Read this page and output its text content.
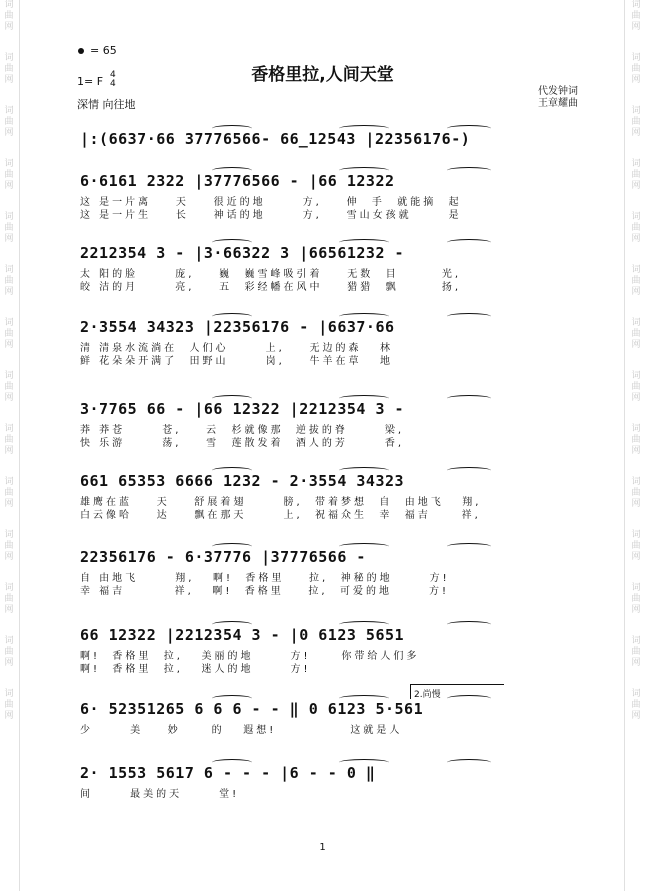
词
曲
网
词
曲
网
词
曲
网
词
曲
网
词
曲
网
词
曲
网
词
曲
网
词
曲
网
词
曲
网
词
曲
网
词
曲
网
词
曲
网
词
曲
网
词
曲
网
词
曲
网
词
曲
网
词
曲
网
词
曲
网
词
曲
网
词
曲
网
词
曲
网
词
曲
网
词
曲
网
词
曲
网
词
曲
网
词
曲
网
词
曲
网
词
曲
网
= 65
香格里拉,人间天堂
1= F 4
4
深情 向往地
代发钟词
王章耀曲
|:(6637·66 37776566- 66̲12543 |22356176-)
6·6161 2322 |37776566 - |66 12322
这 是一片离    天    很近的地      方,    伸  手  就能摘  起
这 是一片生    长    神话的地      方,    雪山女孩就      是
2212354 3 - |3·66322 3 |66561232 -
太 阳的脸      庞,    巍  巍雪峰吸引着    无数  目       光,
皎 洁的月      亮,    五  彩经幡在风中    猎猎  飘       扬,
2·3554 34323 |22356176 - |6637·66
清 清泉水流淌在  人们心      上,    无边的森   林
鲜 花朵朵开满了  田野山      岗,    牛羊在草   地
3·7765 66 - |66 12322 |2212354 3 -
莽 莽苍      苍,    云  杉就像那  逆拔的脊      梁,
快 乐游      荡,    雪  莲散发着  酒人的芳      香,
661 65353 6666 1232 - 2·3554 34323
雄鹰在蓝    天    舒展着翅      膀,  带着梦想  自  由地飞   翔,
白云像哈    达    飘在那天      上,  祝福众生  幸  福吉     祥,
22356176 - 6·37776 |37776566 -
自 由地飞      翔,   啊!  香格里    拉,  神秘的地      方!
幸 福吉        祥,   啊!  香格里    拉,  可爱的地      方!
66 12322 |2212354 3 - |0 6123 5651
啊!  香格里  拉,   美丽的地      方!     你带给人们多
啊!  香格里  拉,   迷人的地      方!
2.尚慢
6· 52351265 6 6 6 - - ‖ 0 6123 5·561
少      美    妙     的   遐想!            这就是人
2· 1553 5617 6 - - - |6 - - 0 ‖
间      最美的天      堂!
1
